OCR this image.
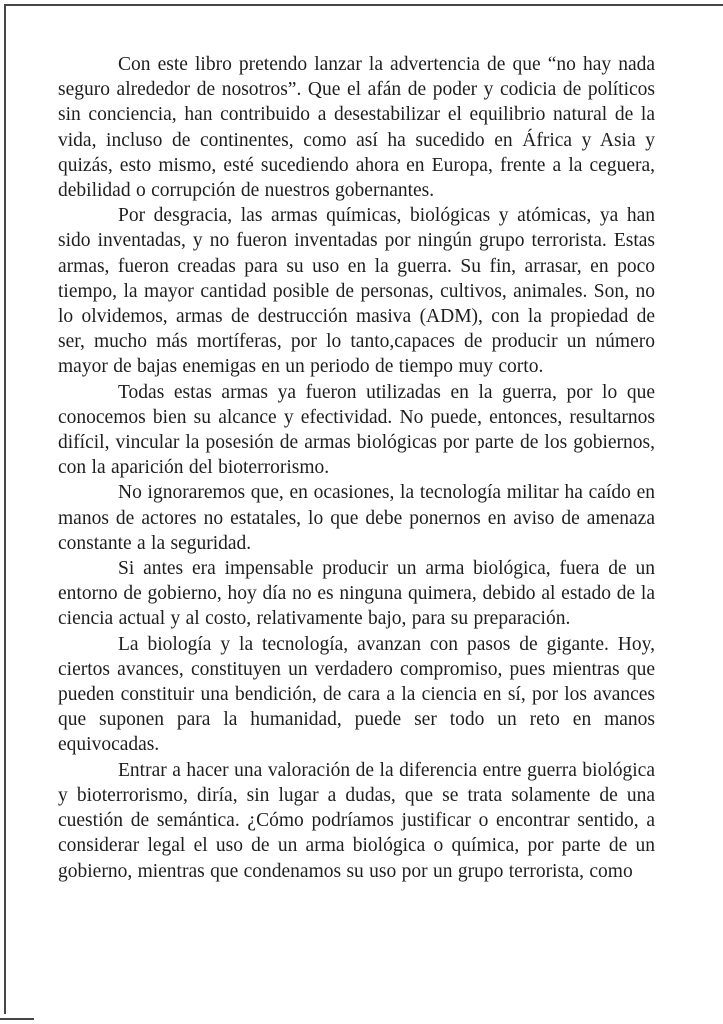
Con este libro pretendo lanzar la advertencia de que “no hay nada seguro alrededor de nosotros”. Que el afán de poder y codicia de políticos sin conciencia, han contribuido a desestabilizar el equilibrio natural de la vida, incluso de continentes, como así ha sucedido en África y Asia y quizás, esto mismo, esté sucediendo ahora en Europa, frente a la ceguera, debilidad o corrupción de nuestros gobernantes.

Por desgracia, las armas químicas, biológicas y atómicas, ya han sido inventadas, y no fueron inventadas por ningún grupo terrorista. Estas armas, fueron creadas para su uso en la guerra. Su fin, arrasar, en poco tiempo, la mayor cantidad posible de personas, cultivos, animales. Son, no lo olvidemos, armas de destrucción masiva (ADM), con la propiedad de ser, mucho más mortíferas, por lo tanto,capaces de producir un número mayor de bajas enemigas en un periodo de tiempo muy corto.

Todas estas armas ya fueron utilizadas en la guerra, por lo que conocemos bien su alcance y efectividad. No puede, entonces, resultarnos difícil, vincular la posesión de armas biológicas por parte de los gobiernos, con la aparición del bioterrorismo.

No ignoraremos que, en ocasiones, la tecnología militar ha caído en manos de actores no estatales, lo que debe ponernos en aviso de amenaza constante a la seguridad.

Si antes era impensable producir un arma biológica, fuera de un entorno de gobierno, hoy día no es ninguna quimera, debido al estado de la ciencia actual y al costo, relativamente bajo, para su preparación.

La biología y la tecnología, avanzan con pasos de gigante. Hoy, ciertos avances, constituyen un verdadero compromiso, pues mientras que pueden constituir una bendición, de cara a la ciencia en sí, por los avances que suponen para la humanidad, puede ser todo un reto en manos equivocadas.

Entrar a hacer una valoración de la diferencia entre guerra biológica y bioterrorismo, diría, sin lugar a dudas, que se trata solamente de una cuestión de semántica. ¿Cómo podríamos justificar o encontrar sentido, a considerar legal el uso de un arma biológica o química, por parte de un gobierno, mientras que condenamos su uso por un grupo terrorista, como
